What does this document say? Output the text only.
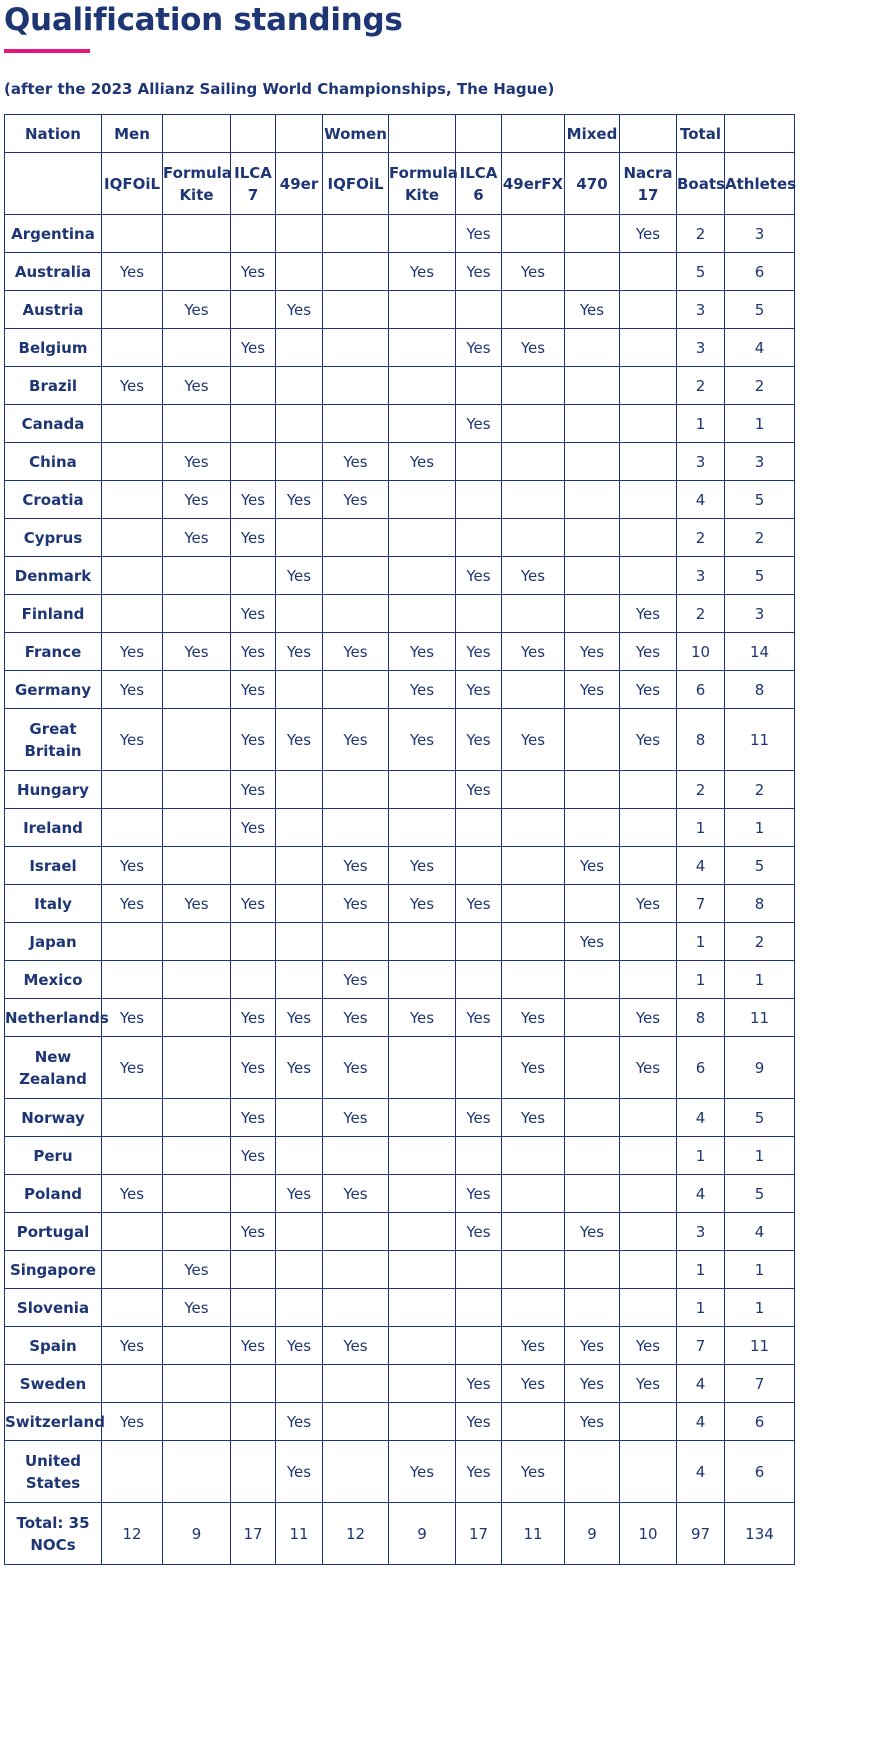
Qualification standings

(after the 2023 Allianz Sailing World Championships, The Hague)

Nation	Men				Women				Mixed		Total	
	IQFOiL	Formula Kite	ILCA 7	49er	IQFOiL	Formula Kite	ILCA 6	49erFX	470	Nacra 17	Boats	Athletes
Argentina							Yes			Yes	2	3
Australia	Yes		Yes			Yes	Yes	Yes			5	6
Austria		Yes		Yes					Yes		3	5
Belgium			Yes				Yes	Yes			3	4
Brazil	Yes	Yes									2	2
Canada							Yes				1	1
China		Yes			Yes	Yes					3	3
Croatia		Yes	Yes	Yes	Yes						4	5
Cyprus		Yes	Yes								2	2
Denmark				Yes			Yes	Yes			3	5
Finland			Yes							Yes	2	3
France	Yes	Yes	Yes	Yes	Yes	Yes	Yes	Yes	Yes	Yes	10	14
Germany	Yes		Yes			Yes	Yes		Yes	Yes	6	8
Great Britain	Yes		Yes	Yes	Yes	Yes	Yes	Yes		Yes	8	11
Hungary			Yes				Yes				2	2
Ireland			Yes								1	1
Israel	Yes				Yes	Yes			Yes		4	5
Italy	Yes	Yes	Yes		Yes	Yes	Yes			Yes	7	8
Japan									Yes		1	2
Mexico					Yes						1	1
Netherlands	Yes		Yes	Yes	Yes	Yes	Yes	Yes		Yes	8	11
New Zealand	Yes		Yes	Yes	Yes			Yes		Yes	6	9
Norway			Yes		Yes		Yes	Yes			4	5
Peru			Yes								1	1
Poland	Yes			Yes	Yes		Yes				4	5
Portugal			Yes				Yes		Yes		3	4
Singapore		Yes									1	1
Slovenia		Yes									1	1
Spain	Yes		Yes	Yes	Yes			Yes	Yes	Yes	7	11
Sweden							Yes	Yes	Yes	Yes	4	7
Switzerland	Yes			Yes			Yes		Yes		4	6
United States				Yes		Yes	Yes	Yes			4	6
Total: 35 NOCs	12	9	17	11	12	9	17	11	9	10	97	134
